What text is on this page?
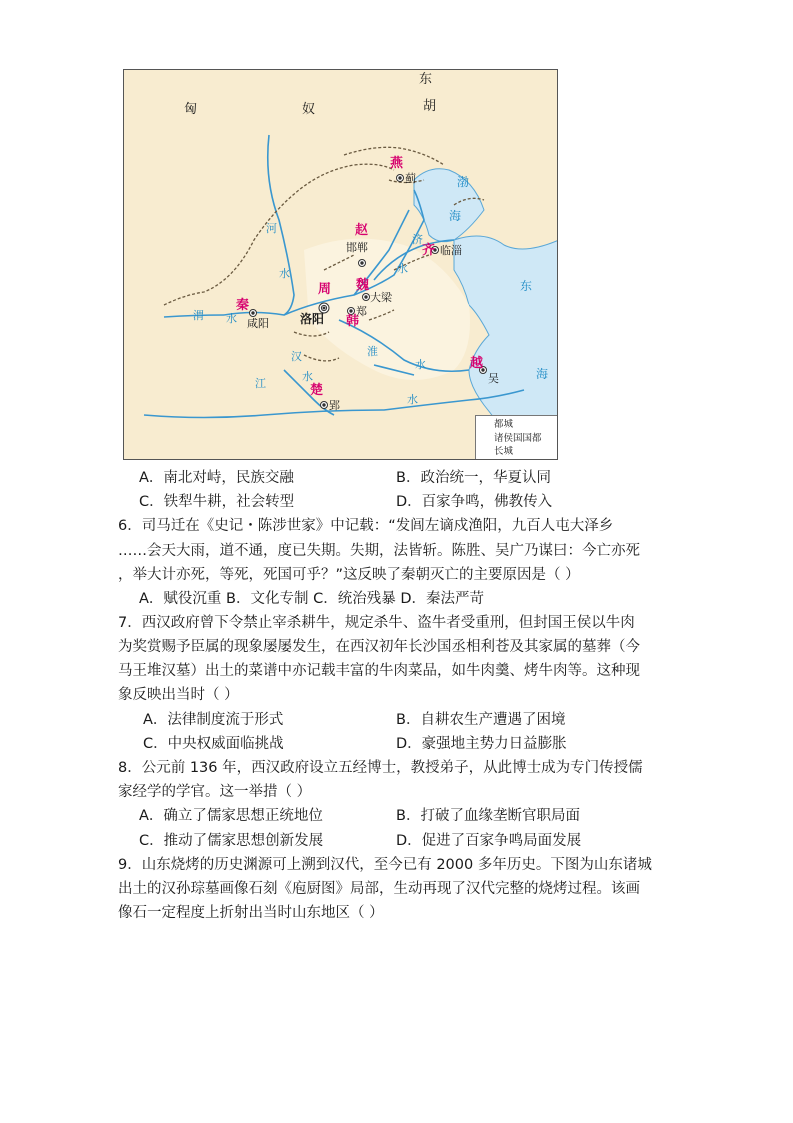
匈	奴
东
胡
燕
赵
齐
周 魏
韩
秦
楚
越
蓟
邯郸	临淄
大梁
郑
洛阳
咸阳
吴
郢
河
水
济
水
渭 水
淮
水
汉
水
江
水
渤
海
东
海
都城
诸侯国国都
长城
A．南北对峙，民族交融	B．政治统一，华夏认同
C．铁犁牛耕，社会转型	D．百家争鸣，佛教传入
6．司马迁在《史记・陈涉世家》中记载：“发闾左谪戍渔阳，九百人屯大泽乡
……会天大雨，道不通，度已失期。失期，法皆斩。陈胜、吴广乃谋曰：今亡亦死
，举大计亦死，等死，死国可乎？”这反映了秦朝灭亡的主要原因是（ ）
A．赋役沉重 B．文化专制 C．统治残暴 D．秦法严苛
7．西汉政府曾下令禁止宰杀耕牛，规定杀牛、盗牛者受重刑，但封国王侯以牛肉
为奖赏赐予臣属的现象屡屡发生，在西汉初年长沙国丞相利苍及其家属的墓葬（今
马王堆汉墓）出土的菜谱中亦记载丰富的牛肉菜品，如牛肉羹、烤牛肉等。这种现
象反映出当时（ ）
A．法律制度流于形式	B．自耕农生产遭遇了困境
C．中央权威面临挑战	D．豪强地主势力日益膨胀
8．公元前 136 年，西汉政府设立五经博士，教授弟子，从此博士成为专门传授儒
家经学的学官。这一举措（ ）
A．确立了儒家思想正统地位	B．打破了血缘垄断官职局面
C．推动了儒家思想创新发展	D．促进了百家争鸣局面发展
9．山东烧烤的历史渊源可上溯到汉代，至今已有 2000 多年历史。下图为山东诸城
出土的汉孙琮墓画像石刻《庖厨图》局部，生动再现了汉代完整的烧烤过程。该画
像石一定程度上折射出当时山东地区（ ）
